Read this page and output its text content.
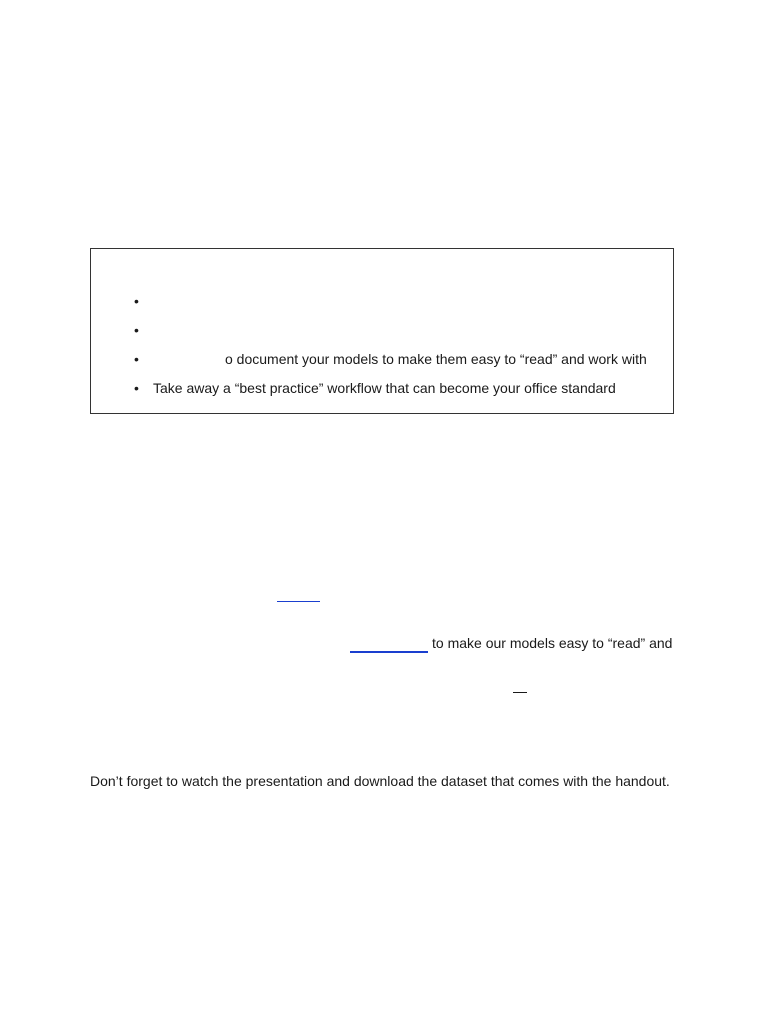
•
•
•	o document your models to make them easy to “read” and work with
• Take away a “best practice” workflow that can become your office standard
to make our models easy to “read” and
Don’t forget to watch the presentation and download the dataset that comes with the handout.
